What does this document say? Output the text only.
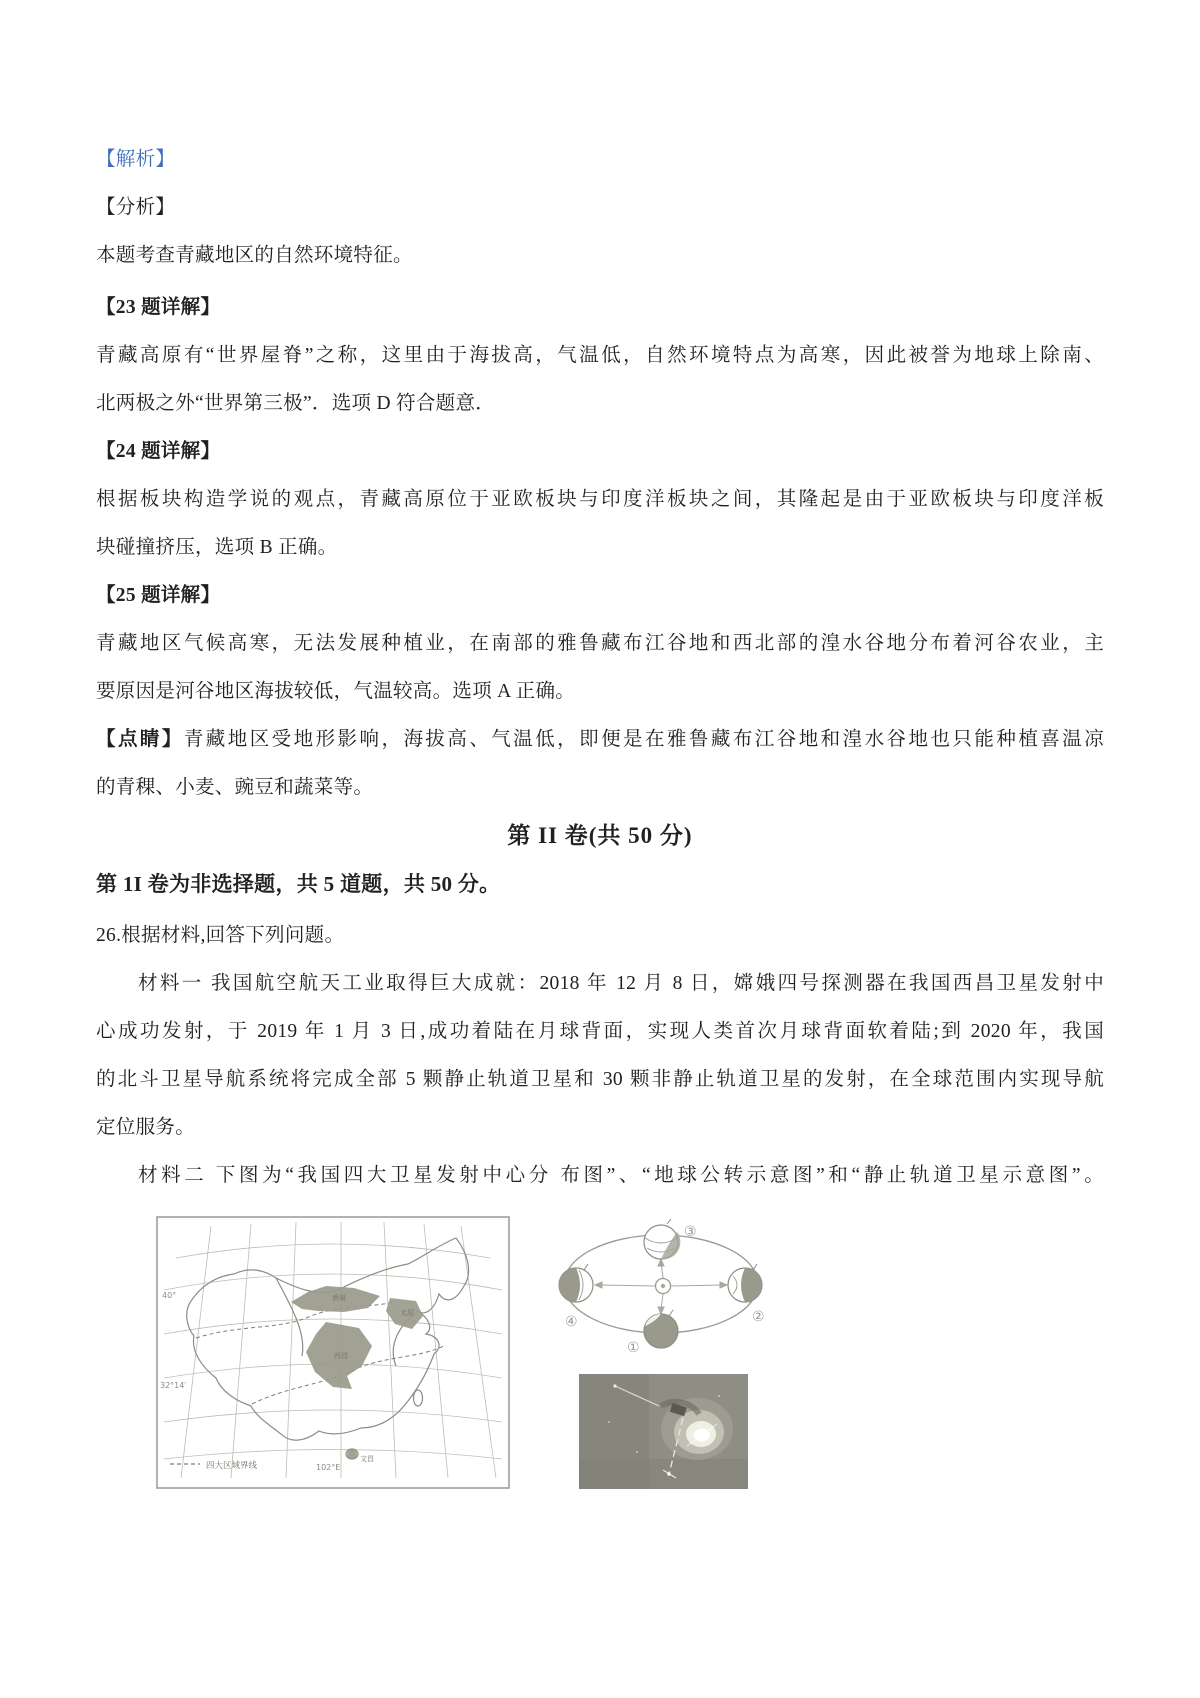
【解析】
【分析】
本题考查青藏地区的自然环境特征。
【23 题详解】
青藏高原有“世界屋脊”之称，这里由于海拔高，气温低，自然环境特点为高寒，因此被誉为地球上除南、
北两极之外“世界第三极”．选项 D 符合题意．
【24 题详解】
根据板块构造学说的观点，青藏高原位于亚欧板块与印度洋板块之间，其隆起是由于亚欧板块与印度洋板
块碰撞挤压，选项 B 正确。
【25 题详解】
青藏地区气候高寒，无法发展种植业，在南部的雅鲁藏布江谷地和西北部的湟水谷地分布着河谷农业，主
要原因是河谷地区海拔较低，气温较高。选项 A 正确。
【点睛】青藏地区受地形影响，海拔高、气温低，即便是在雅鲁藏布江谷地和湟水谷地也只能种植喜温凉
的青稞、小麦、豌豆和蔬菜等。
第 II 卷(共 50 分)
第 1I 卷为非选择题，共 5 道题，共 50 分。
26.根据材料,回答下列问题。
材料一 我国航空航天工业取得巨大成就：2018 年 12 月 8 日，嫦娥四号探测器在我国西昌卫星发射中
心成功发射，于 2019 年 1 月 3 日,成功着陆在月球背面，实现人类首次月球背面软着陆;到 2020 年，我国
的北斗卫星导航系统将完成全部 5 颗静止轨道卫星和 30 颗非静止轨道卫星的发射，在全球范围内实现导航
定位服务。
材料二 下图为“我国四大卫星发射中心分 布图”、“地球公转示意图”和“静止轨道卫星示意图”。
酒泉
太原
西昌
文昌
40°
32°14′
102°E
四大区域界线
①
②
③
④
